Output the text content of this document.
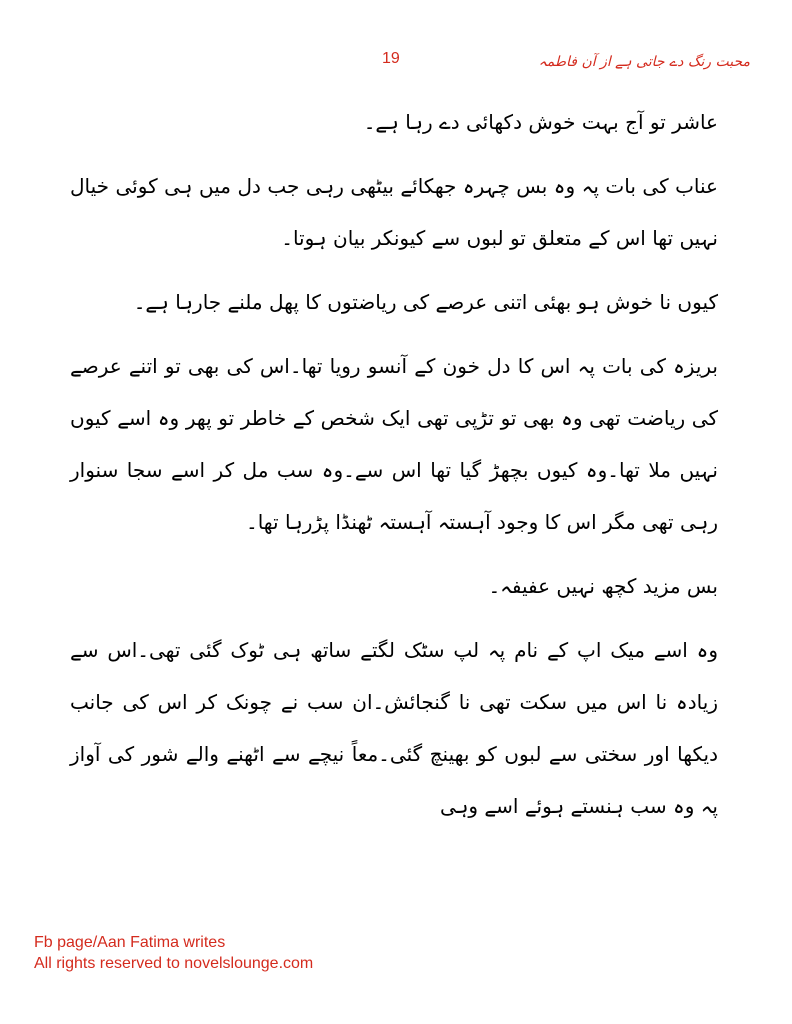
19	محبت رنگ دے جاتی ہے از آن فاطمہ

عاشر تو آج بہت خوش دکھائی دے رہا ہے۔

عناب کی بات پہ وہ بس چہرہ جھکائے بیٹھی رہی جب دل میں ہی کوئی خیال نہیں تھا اس کے متعلق تو لبوں سے کیونکر بیان ہوتا۔

کیوں نا خوش ہو بھئی اتنی عرصے کی ریاضتوں کا پھل ملنے جارہا ہے۔

بریزہ کی بات پہ اس کا دل خون کے آنسو رویا تھا۔اس کی بھی تو اتنے عرصے کی ریاضت تھی وہ بھی تو تڑپی تھی ایک شخص کے خاطر تو پھر وہ اسے کیوں نہیں ملا تھا۔وہ کیوں بچھڑ گیا تھا اس سے۔وہ سب مل کر اسے سجا سنوار رہی تھی مگر اس کا وجود آہستہ آہستہ ٹھنڈا پڑرہا تھا۔

بس مزید کچھ نہیں عفیفہ۔

وہ اسے میک اپ کے نام پہ لپ سٹک لگتے ساتھ ہی ٹوک گئی تھی۔اس سے زیادہ نا اس میں سکت تھی نا گنجائش۔ان سب نے چونک کر اس کی جانب دیکھا اور سختی سے لبوں کو بھینچ گئی۔معاً نیچے سے اٹھنے والے شور کی آواز پہ وہ سب ہنستے ہوئے اسے وہی

Fb page/Aan Fatima writes
All rights reserved to novelslounge.com
